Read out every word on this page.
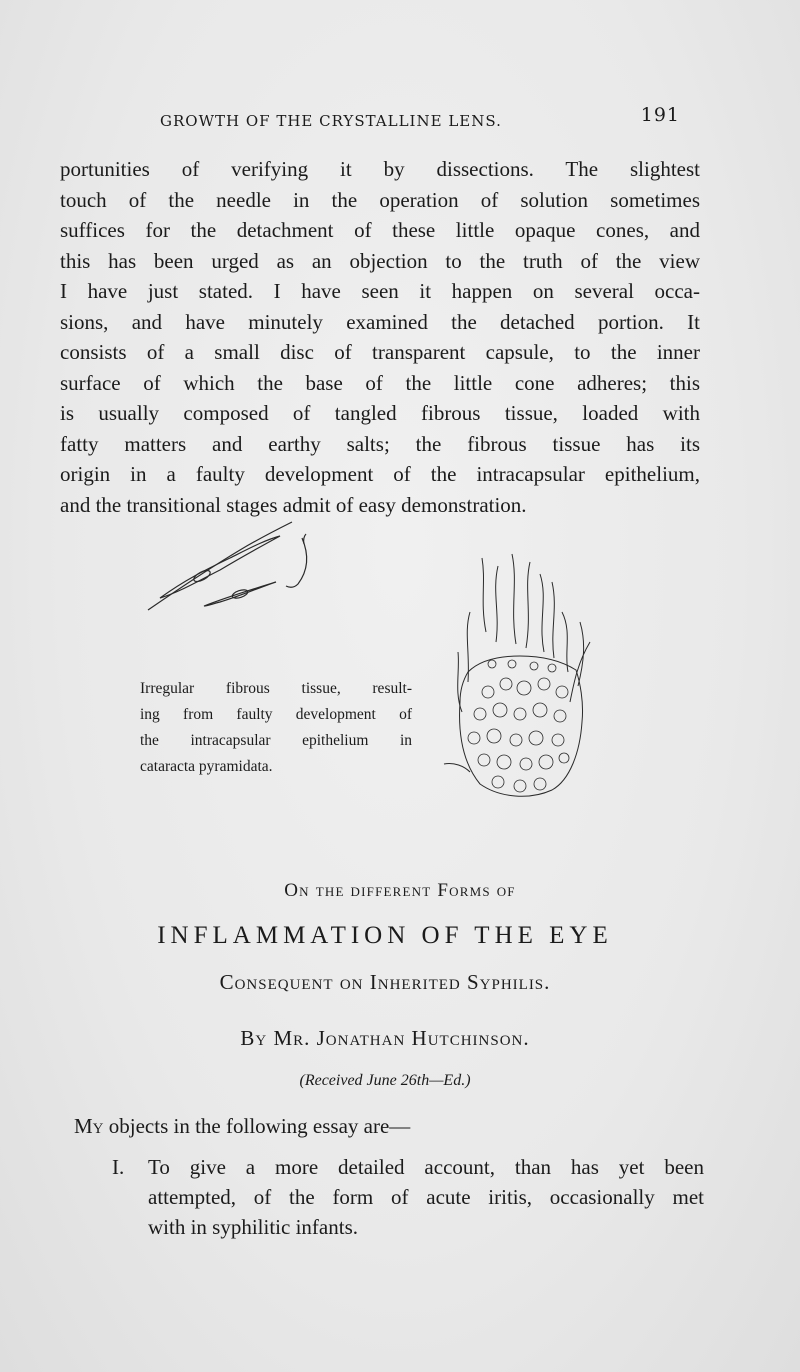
GROWTH OF THE CRYSTALLINE LENS.	191
portunities of verifying it by dissections. The slightest
touch of the needle in the operation of solution sometimes
suffices for the detachment of these little opaque cones, and
this has been urged as an objection to the truth of the view
I have just stated. I have seen it happen on several occa-
sions, and have minutely examined the detached portion. It
consists of a small disc of transparent capsule, to the inner
surface of which the base of the little cone adheres; this
is usually composed of tangled fibrous tissue, loaded with
fatty matters and earthy salts; the fibrous tissue has its
origin in a faulty development of the intracapsular epithelium,
and the transitional stages admit of easy demonstration.
Irregular fibrous tissue, result-
ing from faulty development of
the intracapsular epithelium in
cataracta pyramidata.
On the different Forms of
INFLAMMATION OF THE EYE
Consequent on Inherited Syphilis.
By Mr. Jonathan Hutchinson.
(Received June 26th—Ed.)
My objects in the following essay are—
I. To give a more detailed account, than has yet been
attempted, of the form of acute iritis, occasionally met
with in syphilitic infants.
